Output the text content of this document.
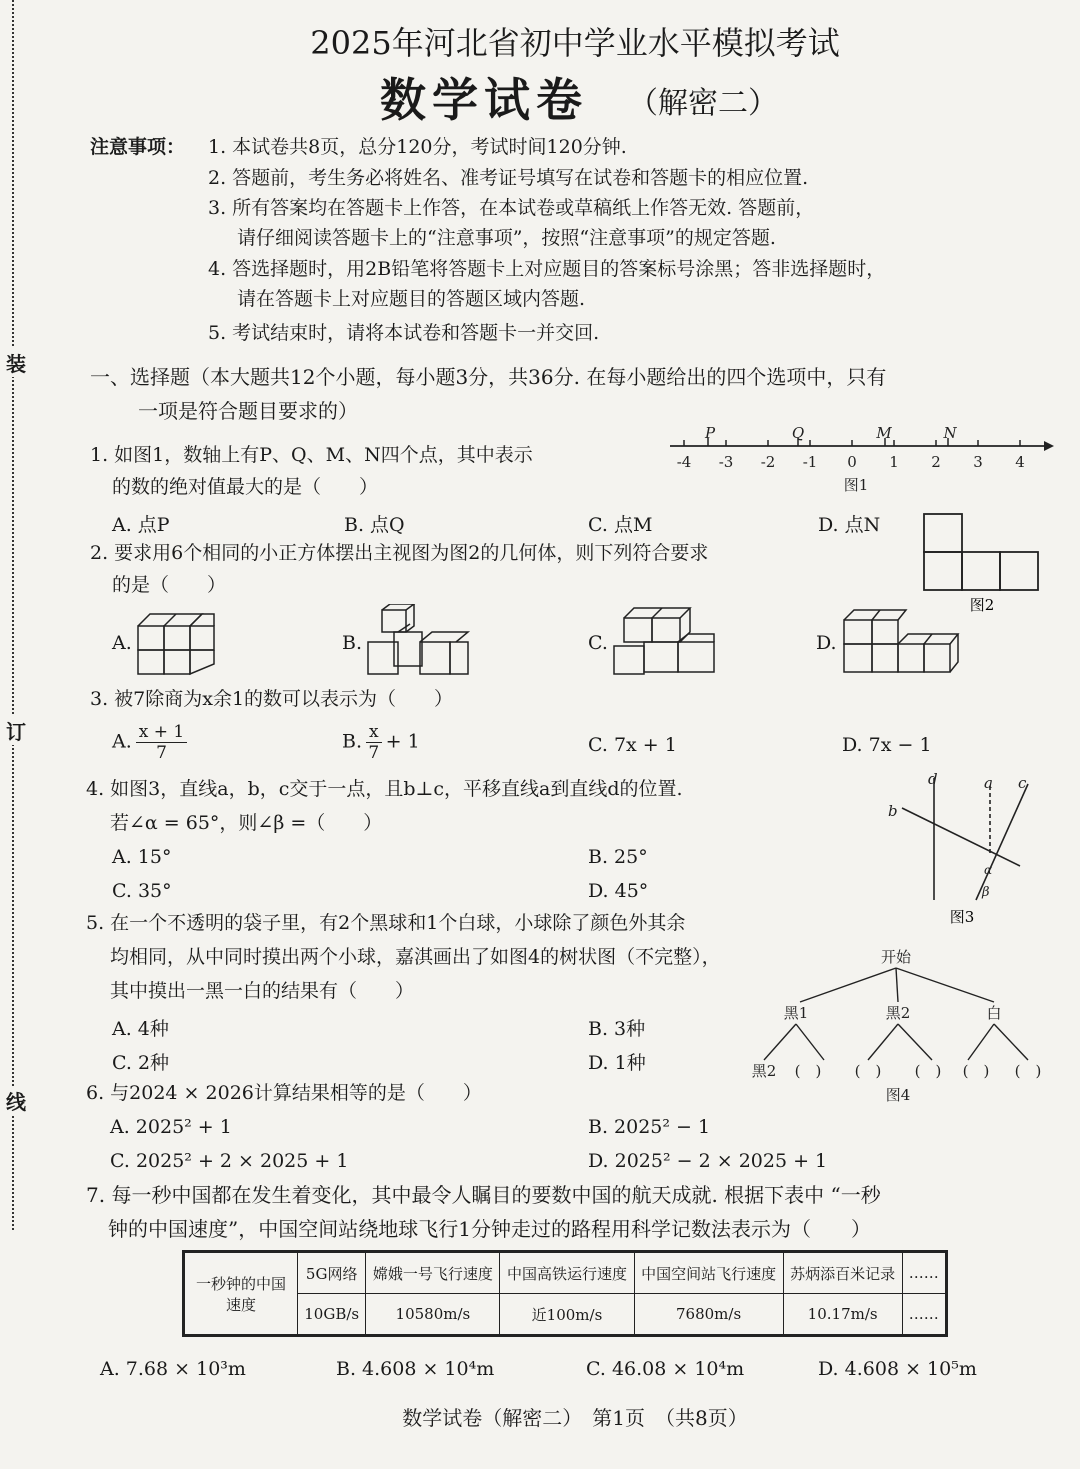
装
订
线
2025年河北省初中学业水平模拟考试
数学试卷 （解密二）
注意事项： 1. 本试卷共8页，总分120分，考试时间120分钟.
2. 答题前，考生务必将姓名、准考证号填写在试卷和答题卡的相应位置.
3. 所有答案均在答题卡上作答，在本试卷或草稿纸上作答无效. 答题前，
请仔细阅读答题卡上的“注意事项”，按照“注意事项”的规定答题.
4. 答选择题时，用2B铅笔将答题卡上对应题目的答案标号涂黑；答非选择题时，
请在答题卡上对应题目的答题区域内答题.
5. 考试结束时，请将本试卷和答题卡一并交回.
一、选择题（本大题共12个小题，每小题3分，共36分. 在每小题给出的四个选项中，只有
一项是符合题目要求的）
1. 如图1，数轴上有P、Q、M、N四个点，其中表示
的数的绝对值最大的是（　　）
A. 点P	B. 点Q	C. 点M	D. 点N
-4 -3 -2 -1 0 1 2 3 4
P	Q	M	N
图1
2. 要求用6个相同的小正方体摆出主视图为图2的几何体，则下列符合要求
的是（　　）
图2
A.	B.	C.	D.
3. 被7除商为x余1的数可以表示为（　　）
A. $\frac{x + 1}{7}$	B. $\frac{x}{7} + 1$	C. 7x + 1	D. 7x − 1
4. 如图3，直线a，b，c交于一点，且b⊥c，平移直线a到直线d的位置.
若∠α = 65°，则∠β =（　　）
A. 15°	B. 25°
C. 35°	D. 45°
d	a c
b
α
β
图3
5. 在一个不透明的袋子里，有2个黑球和1个白球，小球除了颜色外其余
均相同，从中同时摸出两个小球，嘉淇画出了如图4的树状图（不完整），
其中摸出一黑一白的结果有（　　）
A. 4种	B. 3种
C. 2种	D. 1种
开始
黑1	黑2	白
黑2 (　) (　) (　) (　) (　)
图4
6. 与2024 × 2026计算结果相等的是（　　）
A. 2025² + 1	B. 2025² − 1
C. 2025² + 2 × 2025 + 1	D. 2025² − 2 × 2025 + 1
7. 每一秒中国都在发生着变化，其中最令人瞩目的要数中国的航天成就. 根据下表中 “一秒
钟的中国速度”，中国空间站绕地球飞行1分钟走过的路程用科学记数法表示为（　　）
一秒钟的中国速度	5G网络	嫦娥一号飞行速度	中国高铁运行速度	中国空间站飞行速度	苏炳添百米记录	……
	10GB/s	10580m/s	近100m/s	7680m/s	10.17m/s	……
A. 7.68 × 10³m	B. 4.608 × 10⁴m	C. 46.08 × 10⁴m	D. 4.608 × 10⁵m
数学试卷（解密二）　第1页　（共8页）
